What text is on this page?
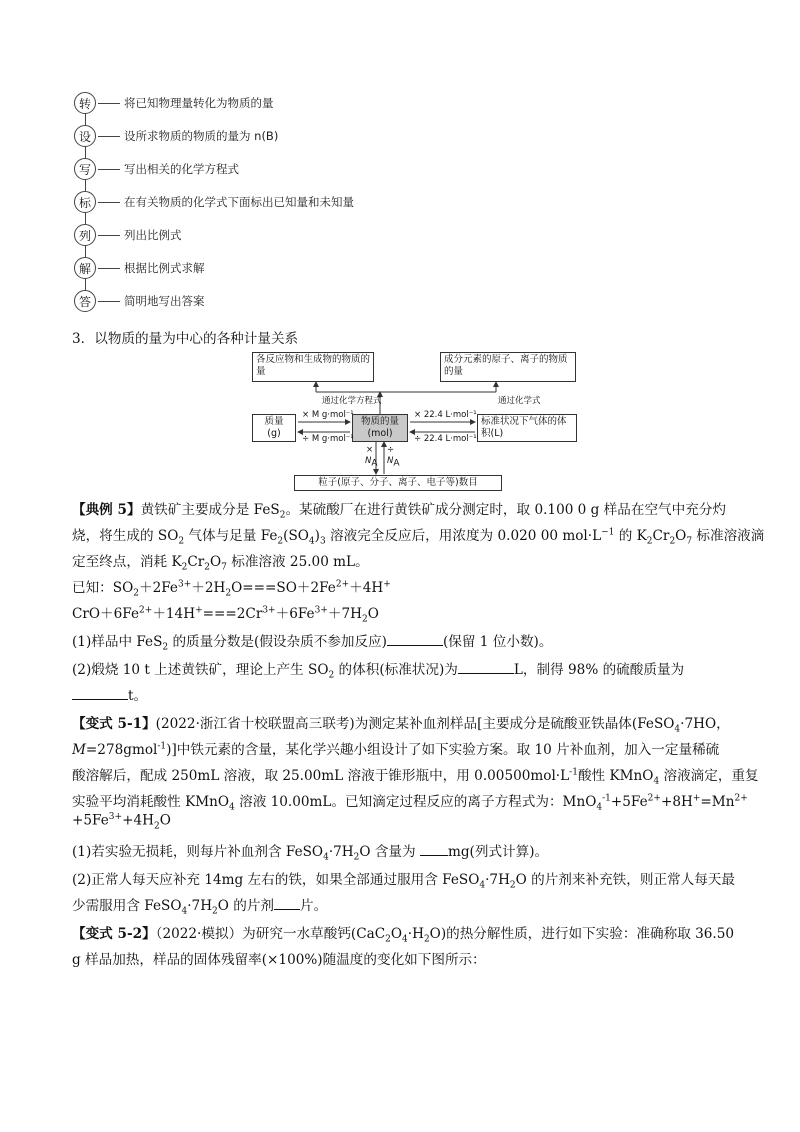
转	将已知物理量转化为物质的量
设	设所求物质的物质的量为 n(B)
写	写出相关的化学方程式
标	在有关物质的化学式下面标出已知量和未知量
列	列出比例式
解	根据比例式求解
答	简明地写出答案
3．以物质的量为中心的各种计量关系
各反应物和生成物的物质的量
成分元素的原子、离子的物质的量
通过化学方程式	通过化学式
质量
(g)
物质的量
(mol)
标准状况下气体的体积(L)
× M g·mol⁻¹
÷ M g·mol⁻¹
× 22.4 L·mol⁻¹
÷ 22.4 L·mol⁻¹
×
$N_A$
÷
$N_A$
粒子(原子、分子、离子、电子等)数目
【典例 5】黄铁矿主要成分是 FeS$_2$。某硫酸厂在进行黄铁矿成分测定时，取 0.100 0 g 样品在空气中充分灼
烧，将生成的 $SO_2$ 气体与足量 $Fe_2(SO_4)_3$ 溶液完全反应后，用浓度为 0.020 00 $mol\cdot L^{-1}$ 的 $K_2Cr_2O_7$ 标准溶液滴
定至终点，消耗 $K_2Cr_2O_7$ 标准溶液 25.00 mL。
已知：$SO_2+2Fe^{3+}+2H_2O===SO+2Fe^{2+}+4H^+$
$CrO+6Fe^{2+}+14H^+===2Cr^{3+}+6Fe^{3+}+7H_2O$
(1)样品中 FeS$_2$ 的质量分数是(假设杂质不参加反应)	(保留 1 位小数)。
(2)煅烧 10 t 上述黄铁矿，理论上产生 $SO_2$ 的体积(标准状况)为	L，制得 98% 的硫酸质量为
t。
【变式 5-1】(2022·浙江省十校联盟高三联考)为测定某补血剂样品[主要成分是硫酸亚铁晶体(FeSO$_4$·7HO，
M=278gmol$^{-1}$)]中铁元素的含量，某化学兴趣小组设计了如下实验方案。取 10 片补血剂，加入一定量稀硫
酸溶解后，配成 250mL 溶液，取 25.00mL 溶液于锥形瓶中，用 $0.00500mol\cdot L^{-1}$酸性 KMnO$_4$ 溶液滴定，重复
实验平均消耗酸性 KMnO$_4$ 溶液 10.00mL。已知滴定过程反应的离子方程式为：$MnO_4^{-1}+5Fe^{2+}+8H^+=Mn^{2+}$
$+5Fe^{3+}+4H_2O$
(1)若实验无损耗，则每片补血剂含 $FeSO_4\cdot 7H_2O$ 含量为 mg(列式计算)。
(2)正常人每天应补充 14mg 左右的铁，如果全部通过服用含 $FeSO_4\cdot 7H_2O$ 的片剂来补充铁，则正常人每天最
少需服用含 $FeSO_4\cdot 7H_2O$ 的片剂 片。
【变式 5-2】（2022·模拟）为研究一水草酸钙$(CaC_2O_4\cdot H_2O)$的热分解性质，进行如下实验：准确称取 36.50
g 样品加热，样品的固体残留率(×100%)随温度的变化如下图所示：
